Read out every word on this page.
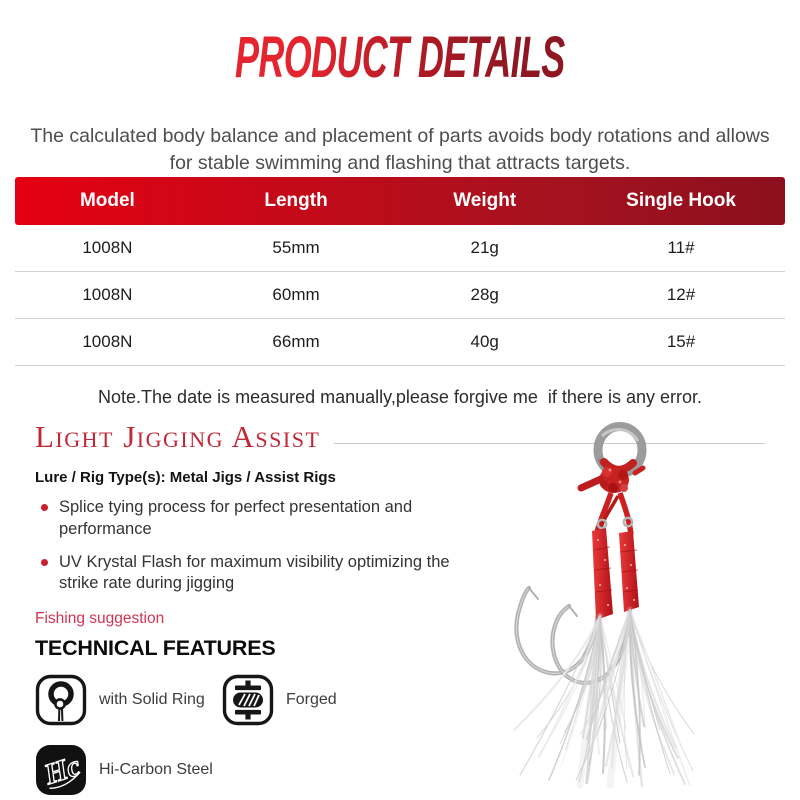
PRODUCT DETAILS

The calculated body balance and placement of parts avoids body rotations and allows for stable swimming and flashing that attracts targets.

Model	Length	Weight	Single Hook
1008N	55mm	21g	11#
1008N	60mm	28g	12#
1008N	66mm	40g	15#

Note.The date is measured manually,please forgive me  if there is any error.

Light Jigging Assist
Lure / Rig Type(s): Metal Jigs / Assist Rigs
Splice tying process for perfect presentation and
performance
UV Krystal Flash for maximum visibility optimizing the
strike rate during jigging
Fishing suggestion
TECHNICAL FEATURES
with Solid Ring	Forged
Hc Hi-Carbon Steel
